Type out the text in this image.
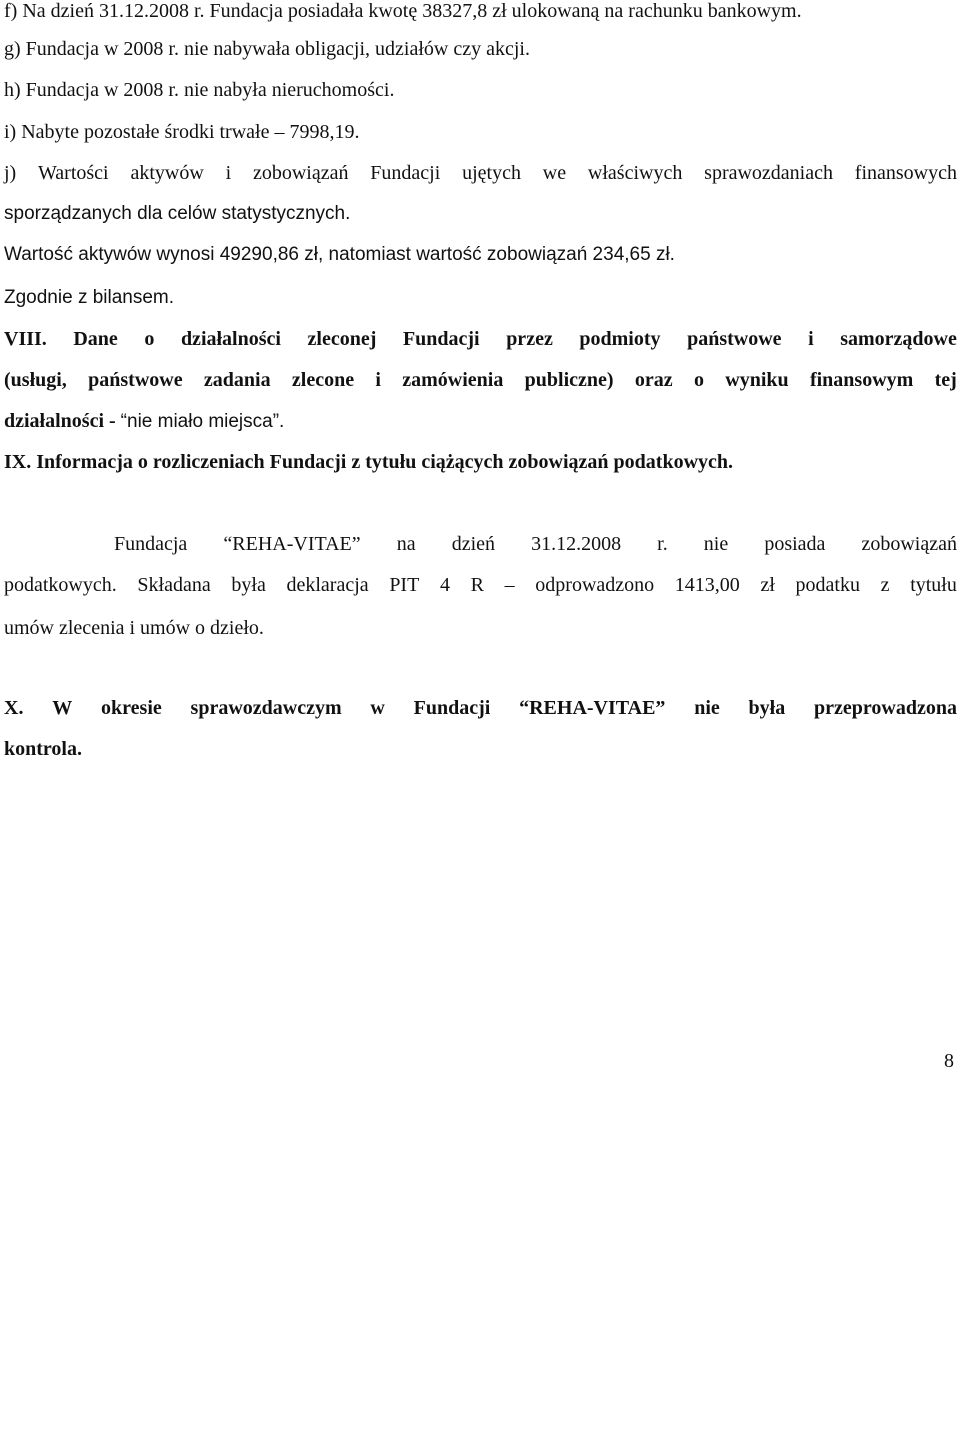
f) Na dzień 31.12.2008 r. Fundacja posiadała kwotę 38327,8 zł ulokowaną na rachunku bankowym.
g) Fundacja w 2008 r. nie nabywała obligacji, udziałów czy akcji.
h) Fundacja w 2008 r. nie nabyła nieruchomości.
i) Nabyte pozostałe środki trwałe – 7998,19.
j) Wartości aktywów i zobowiązań Fundacji ujętych we właściwych sprawozdaniach finansowych
sporządzanych dla celów statystycznych.
Wartość aktywów wynosi 49290,86 zł, natomiast wartość zobowiązań 234,65 zł.
Zgodnie z bilansem.
VIII. Dane o działalności zleconej Fundacji przez podmioty państwowe i samorządowe
(usługi, państwowe zadania zlecone i zamówienia publiczne) oraz o wyniku finansowym tej
działalności - “nie miało miejsca”.
IX. Informacja o rozliczeniach Fundacji z tytułu ciążących zobowiązań podatkowych.
Fundacja “REHA-VITAE” na dzień 31.12.2008 r. nie posiada zobowiązań
podatkowych. Składana była deklaracja PIT 4 R – odprowadzono 1413,00 zł podatku z tytułu
umów zlecenia i umów o dzieło.
X. W okresie sprawozdawczym w Fundacji “REHA-VITAE” nie była przeprowadzona
kontrola.
8
